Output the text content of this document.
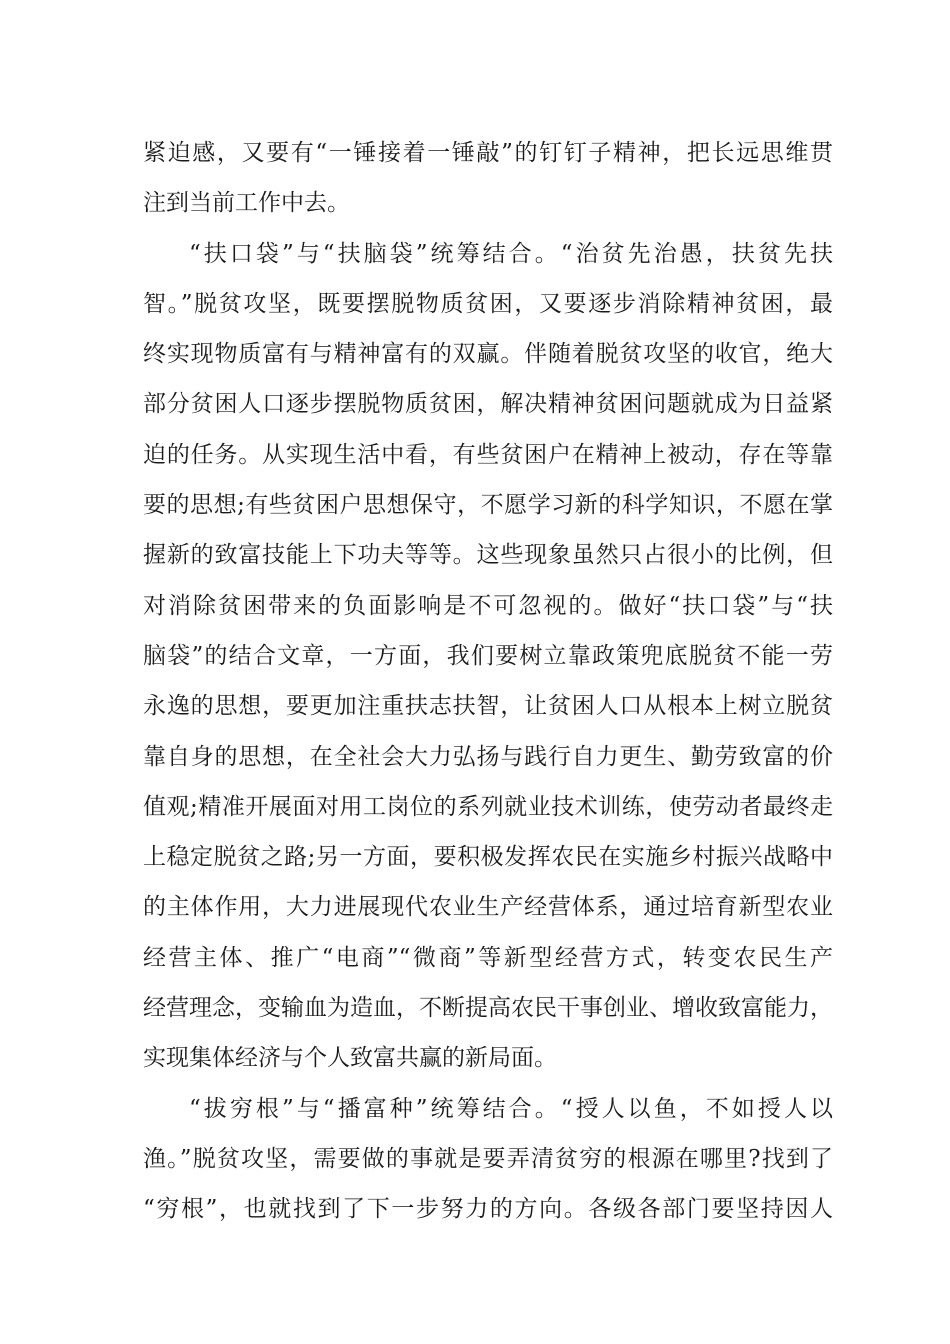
紧迫感，又要有“一锤接着一锤敲”的钉钉子精神，把长远思维贯
注到当前工作中去。
“扶口袋”与“扶脑袋”统筹结合。“治贫先治愚，扶贫先扶
智。”脱贫攻坚，既要摆脱物质贫困，又要逐步消除精神贫困，最
终实现物质富有与精神富有的双赢。伴随着脱贫攻坚的收官，绝大
部分贫困人口逐步摆脱物质贫困，解决精神贫困问题就成为日益紧
迫的任务。从实现生活中看，有些贫困户在精神上被动，存在等靠
要的思想;有些贫困户思想保守，不愿学习新的科学知识，不愿在掌
握新的致富技能上下功夫等等。这些现象虽然只占很小的比例，但
对消除贫困带来的负面影响是不可忽视的。做好“扶口袋”与“扶
脑袋”的结合文章，一方面，我们要树立靠政策兜底脱贫不能一劳
永逸的思想，要更加注重扶志扶智，让贫困人口从根本上树立脱贫
靠自身的思想，在全社会大力弘扬与践行自力更生、勤劳致富的价
值观;精准开展面对用工岗位的系列就业技术训练，使劳动者最终走
上稳定脱贫之路;另一方面，要积极发挥农民在实施乡村振兴战略中
的主体作用，大力进展现代农业生产经营体系，通过培育新型农业
经营主体、推广“电商”“微商”等新型经营方式，转变农民生产
经营理念，变输血为造血，不断提高农民干事创业、增收致富能力，
实现集体经济与个人致富共赢的新局面。
“拔穷根”与“播富种”统筹结合。“授人以鱼，不如授人以
渔。”脱贫攻坚，需要做的事就是要弄清贫穷的根源在哪里?找到了
“穷根”，也就找到了下一步努力的方向。各级各部门要坚持因人
